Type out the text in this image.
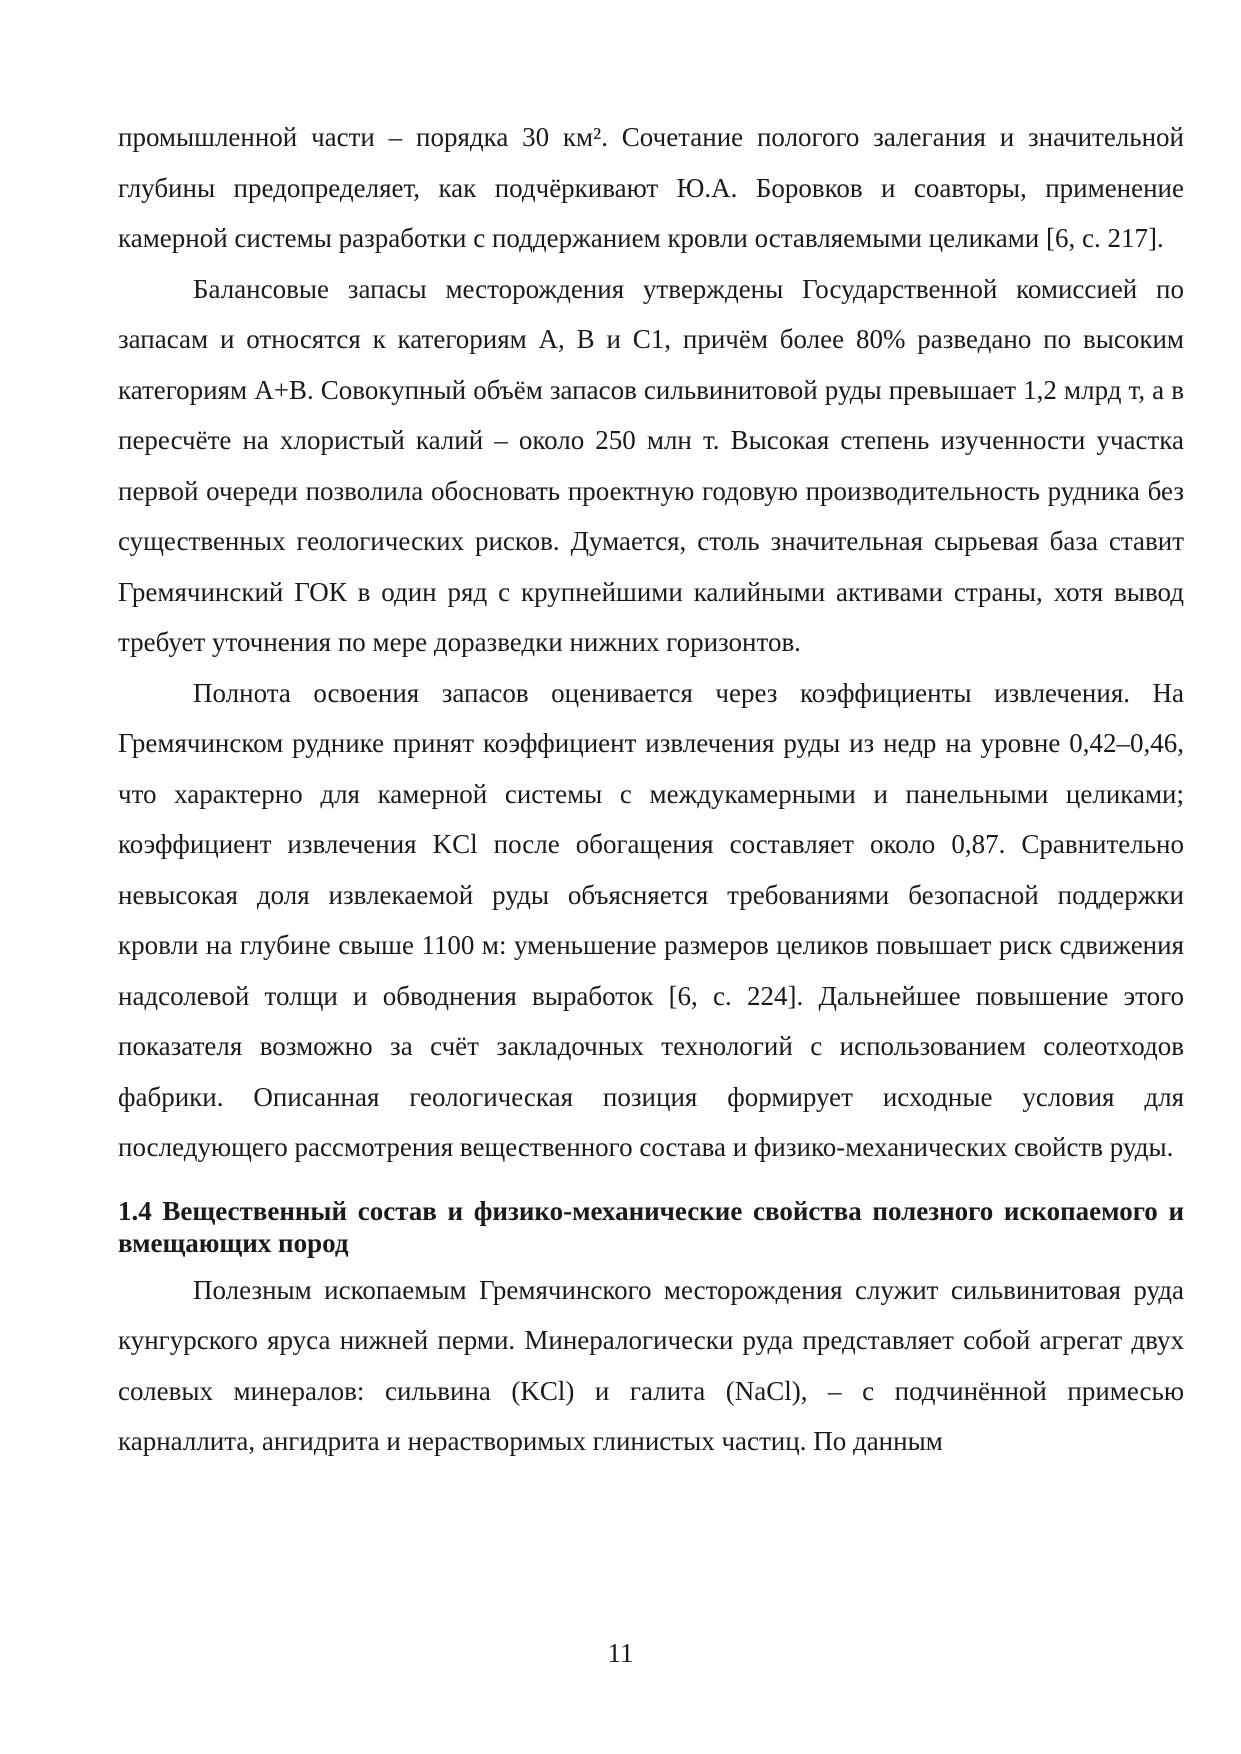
промышленной части – порядка 30 км². Сочетание пологого залегания и значительной глубины предопределяет, как подчёркивают Ю.А. Боровков и соавторы, применение камерной системы разработки с поддержанием кровли оставляемыми целиками [6, с. 217].

Балансовые запасы месторождения утверждены Государственной комиссией по запасам и относятся к категориям A, B и C1, причём более 80% разведано по высоким категориям A+B. Совокупный объём запасов сильвинитовой руды превышает 1,2 млрд т, а в пересчёте на хлористый калий – около 250 млн т. Высокая степень изученности участка первой очереди позволила обосновать проектную годовую производительность рудника без существенных геологических рисков. Думается, столь значительная сырьевая база ставит Гремячинский ГОК в один ряд с крупнейшими калийными активами страны, хотя вывод требует уточнения по мере доразведки нижних горизонтов.

Полнота освоения запасов оценивается через коэффициенты извлечения. На Гремячинском руднике принят коэффициент извлечения руды из недр на уровне 0,42–0,46, что характерно для камерной системы с междукамерными и панельными целиками; коэффициент извлечения KCl после обогащения составляет около 0,87. Сравнительно невысокая доля извлекаемой руды объясняется требованиями безопасной поддержки кровли на глубине свыше 1100 м: уменьшение размеров целиков повышает риск сдвижения надсолевой толщи и обводнения выработок [6, с. 224]. Дальнейшее повышение этого показателя возможно за счёт закладочных технологий с использованием солеотходов фабрики. Описанная геологическая позиция формирует исходные условия для последующего рассмотрения вещественного состава и физико-механических свойств руды.

1.4 Вещественный состав и физико-механические свойства полезного ископаемого и вмещающих пород

Полезным ископаемым Гремячинского месторождения служит сильвинитовая руда кунгурского яруса нижней перми. Минералогически руда представляет собой агрегат двух солевых минералов: сильвина (KCl) и галита (NaCl), – с подчинённой примесью карналлита, ангидрита и нерастворимых глинистых частиц. По данным

11
